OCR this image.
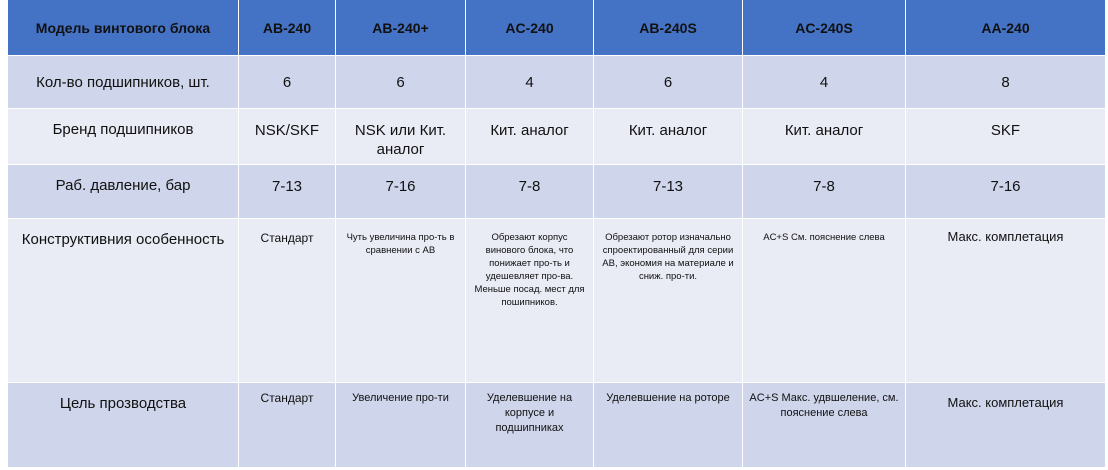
Модель винтового блока	AB-240	AB-240+	AC-240	AB-240S	AC-240S	AA-240
Кол-во подшипников, шт.	6	6	4	6	4	8
Бренд подшипников	NSK/SKF	NSK или Кит. аналог	Кит. аналог	Кит. аналог	Кит. аналог	SKF
Раб. давление, бар	7-13	7-16	7-8	7-13	7-8	7-16
Конструктивния особенность	Стандарт	Чуть увеличина про-ть в сравнении с АВ	Обрезают корпус винового блока, что понижает про-ть и удешевляет про-ва. Меньше посад. мест для пошипников.	Обрезают ротор изначально спроектированный для серии АВ, экономия на материале и сниж. про-ти.	AC+S См. пояснение слева	Макс. комплетация
Цель прозводства	Стандарт	Увеличение про-ти	Уделевшение на корпусе и подшипниках	Уделевшение на роторе	AC+S Макс. удвшеление, см. пояснение слева	Макс. комплетация
